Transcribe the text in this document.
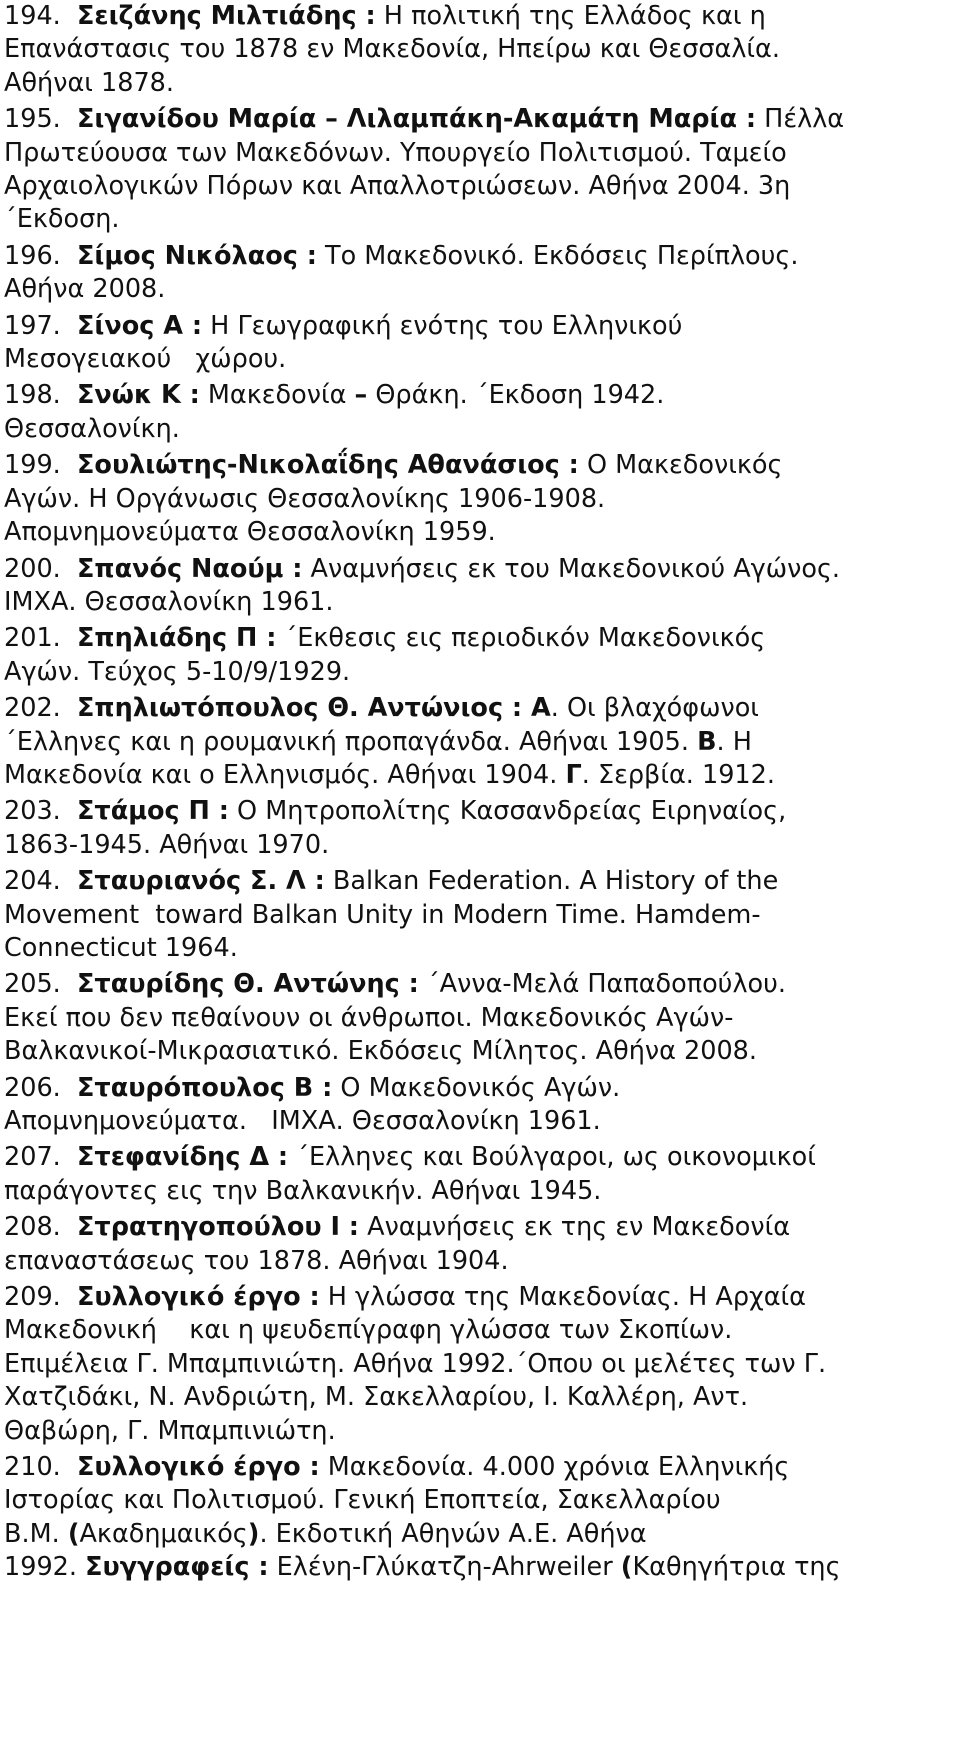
194. Σειζάνης Μιλτιάδης : Η πολιτική της Ελλάδος και η
Επανάστασις του 1878 εν Μακεδονία, Ηπείρω και Θεσσαλία.
Αθήναι 1878.

195. Σιγανίδου Μαρία – Λιλαμπάκη-Ακαμάτη Μαρία : Πέλλα
Πρωτεύουσα των Μακεδόνων. Υπουργείο Πολιτισμού. Ταμείο
Αρχαιολογικών Πόρων και Απαλλοτριώσεων. Αθήνα 2004. 3η
΄Εκδοση.

196. Σίμος Νικόλαος : Το Μακεδονικό. Εκδόσεις Περίπλους.
Αθήνα 2008.

197. Σίνος Α : Η Γεωγραφική ενότης του Ελληνικού
Μεσογειακού   χώρου.

198. Σνώκ Κ : Μακεδονία – Θράκη. ΄Εκδοση 1942.
Θεσσαλονίκη.

199. Σουλιώτης-Νικολαΐδης Αθανάσιος : Ο Μακεδονικός
Αγών. Η Οργάνωσις Θεσσαλονίκης 1906-1908.
Απομνημονεύματα Θεσσαλονίκη 1959.

200. Σπανός Ναούμ : Αναμνήσεις εκ του Μακεδονικού Αγώνος.
ΙΜΧΑ. Θεσσαλονίκη 1961.

201. Σπηλιάδης Π : ΄Εκθεσις εις περιοδικόν Μακεδονικός
Αγών. Τεύχος 5-10/9/1929.

202. Σπηλιωτόπουλος Θ. Αντώνιος : Α. Οι βλαχόφωνοι
΄Ελληνες και η ρουμανική προπαγάνδα. Αθήναι 1905. Β. Η
Μακεδονία και ο Ελληνισμός. Αθήναι 1904. Γ. Σερβία. 1912.

203. Στάμος Π : Ο Μητροπολίτης Κασσανδρείας Ειρηναίος,
1863-1945. Αθήναι 1970.

204. Σταυριανός Σ. Λ : Balkan Federation. A History of the
Movement  toward Balkan Unity in Modern Time. Hamdem-
Connecticut 1964.

205. Σταυρίδης Θ. Αντώνης : ΄Αννα-Μελά Παπαδοπούλου.
Εκεί που δεν πεθαίνουν οι άνθρωποι. Μακεδονικός Αγών-
Βαλκανικοί-Μικρασιατικό. Εκδόσεις Μίλητος. Αθήνα 2008.

206. Σταυρόπουλος Β : Ο Μακεδονικός Αγών.
Απομνημονεύματα.   ΙΜΧΑ. Θεσσαλονίκη 1961.

207. Στεφανίδης Δ : ΄Ελληνες και Βούλγαροι, ως οικονομικοί
παράγοντες εις την Βαλκανικήν. Αθήναι 1945.

208. Στρατηγοπούλου Ι : Αναμνήσεις εκ της εν Μακεδονία
επαναστάσεως του 1878. Αθήναι 1904.

209. Συλλογικό έργο : Η γλώσσα της Μακεδονίας. Η Αρχαία
Μακεδονική    και η ψευδεπίγραφη γλώσσα των Σκοπίων.
Επιμέλεια Γ. Μπαμπινιώτη. Αθήνα 1992.΄Οπου οι μελέτες των Γ.
Χατζιδάκι, Ν. Ανδριώτη, Μ. Σακελλαρίου, Ι. Καλλέρη, Αντ.
Θαβώρη, Γ. Μπαμπινιώτη.

210. Συλλογικό έργο : Μακεδονία. 4.000 χρόνια Ελληνικής
Ιστορίας και Πολιτισμού. Γενική Εποπτεία, Σακελλαρίου
Β.Μ. (Ακαδημαικός). Εκδοτική Αθηνών Α.Ε. Αθήνα
1992. Συγγραφείς : Ελένη-Γλύκατζη-Ahrweiler (Καθηγήτρια της
